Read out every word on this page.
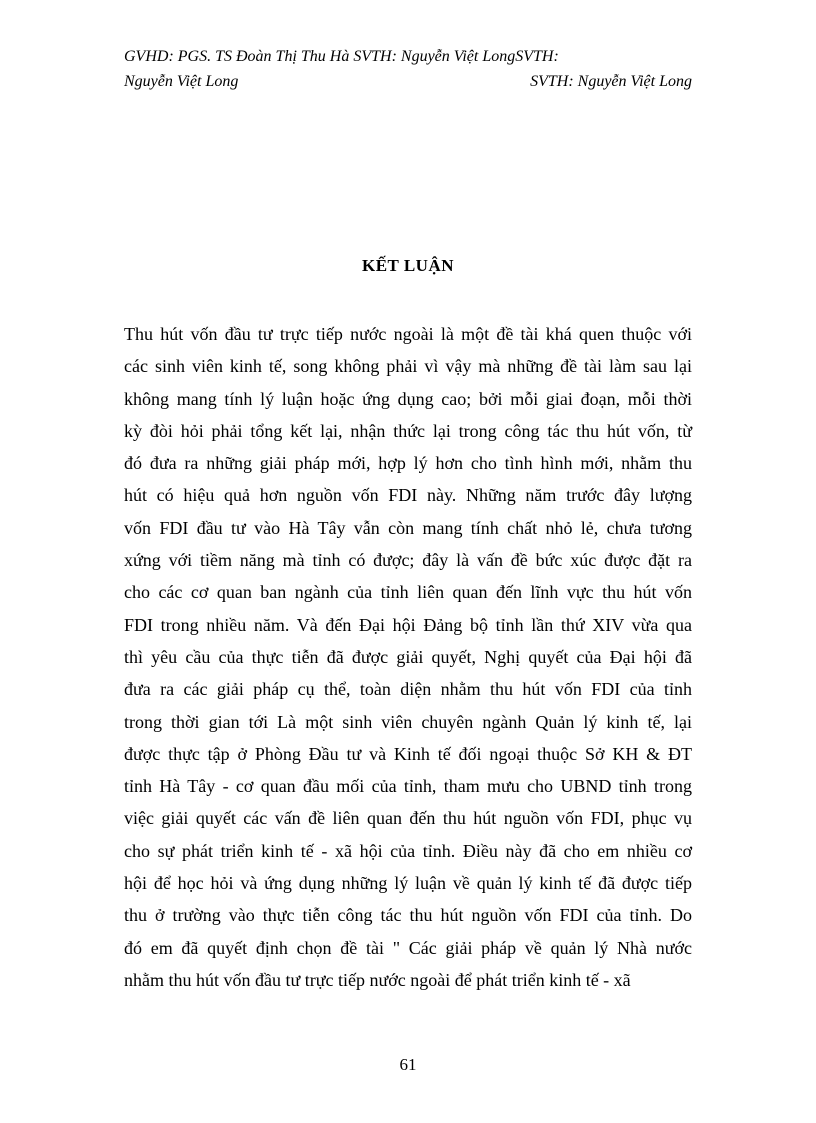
GVHD: PGS. TS Đoàn Thị Thu Hà SVTH: Nguyễn Việt LongSVTH:
Nguyễn Việt Long	SVTH: Nguyễn Việt Long
KẾT LUẬN
Thu hút vốn đầu tư trực tiếp nước ngoài là một đề tài khá quen thuộc với
các sinh viên kinh tế, song không phải vì vậy mà những đề tài làm sau lại
không mang tính lý luận hoặc ứng dụng cao; bởi mỗi giai đoạn, mỗi thời
kỳ đòi hỏi phải tổng kết lại, nhận thức lại trong công tác thu hút vốn, từ
đó đưa ra những giải pháp mới, hợp lý hơn cho tình hình mới, nhằm thu
hút có hiệu quả hơn nguồn vốn FDI này. Những năm trước đây lượng
vốn FDI đầu tư vào Hà Tây vẫn còn mang tính chất nhỏ lẻ, chưa tương
xứng với tiềm năng mà tỉnh có được; đây là vấn đề bức xúc được đặt ra
cho các cơ quan ban ngành của tỉnh liên quan đến lĩnh vực thu hút vốn
FDI trong nhiều năm. Và đến Đại hội Đảng bộ tỉnh lần thứ XIV vừa qua
thì yêu cầu của thực tiễn đã được giải quyết, Nghị quyết của Đại hội đã
đưa ra các giải pháp cụ thể, toàn diện nhằm thu hút vốn FDI của tỉnh
trong thời gian tới Là một sinh viên chuyên ngành Quản lý kinh tế, lại
được thực tập ở Phòng Đầu tư và Kinh tế đối ngoại thuộc Sở KH & ĐT
tỉnh Hà Tây - cơ quan đầu mối của tỉnh, tham mưu cho UBND tỉnh trong
việc giải quyết các vấn đề liên quan đến thu hút nguồn vốn FDI, phục vụ
cho sự phát triển kinh tế - xã hội của tỉnh. Điều này đã cho em nhiều cơ
hội để học hỏi và ứng dụng những lý luận về quản lý kinh tế đã được tiếp
thu ở trường vào thực tiễn công tác thu hút nguồn vốn FDI của tỉnh. Do
đó em đã quyết định chọn đề tài " Các giải pháp về quản lý Nhà nước
nhằm thu hút vốn đầu tư trực tiếp nước ngoài để phát triển kinh tế - xã
61
